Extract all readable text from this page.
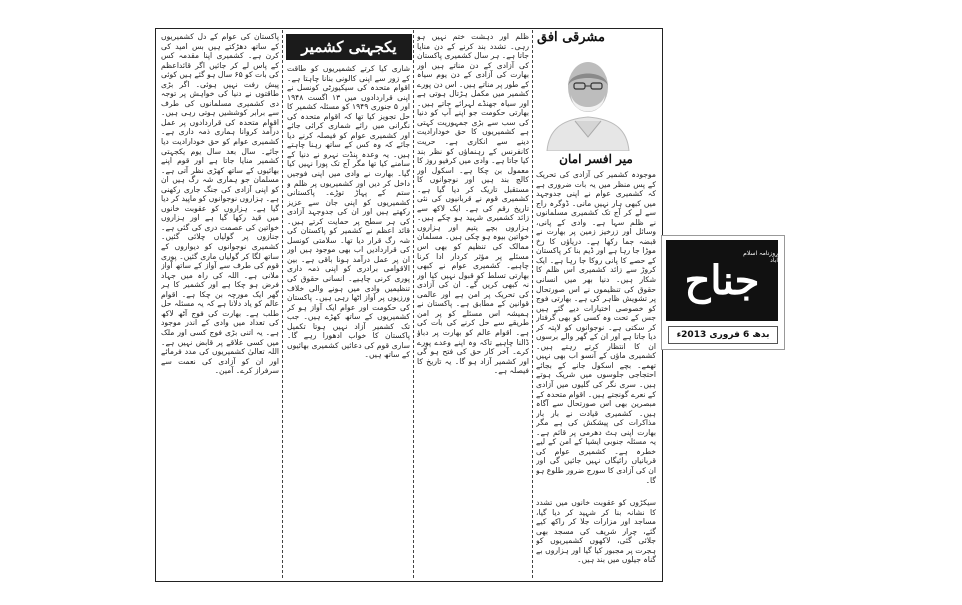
یکجہتی کشمیر

پاکستان کی عوام کے دل کشمیریوں کے ساتھ دھڑکتے ہیں بس امید کی کرن ہے۔ کشمیری اپنا مقدمہ کس کے پاس لے کر جائیں اگر قائداعظم کی بات کو ۶۵ سال ہو گئے ہیں کوئی پیش رفت نہیں ہوئی۔ اگر بڑی طاقتوں نے دنیا کی خواہش پر توجہ دی کشمیری مسلمانوں کی طرف سے برابر کوششیں ہوتی رہی ہیں۔ اقوام متحدہ کی قراردادوں پر عمل درآمد کروانا ہماری ذمہ داری ہے۔ کشمیری عوام کو حق خودارادیت دیا جائے۔ سال بعد سال یوم یکجہتی کشمیر منایا جاتا ہے اور قوم اپنے بھائیوں کے ساتھ کھڑی نظر آتی ہے۔ مسلمان جو ہماری شہ رگ ہیں ان کو اپنی آزادی کی جنگ جاری رکھنی ہے۔ ہزاروں نوجوانوں کو ماپید کر دیا گیا ہے۔ ہزاروں کو عقوبت خانوں میں قید رکھا گیا ہے اور ہزاروں خواتین کی عصمت دری کی گئی ہے۔ جنازوں پر گولیاں چلائی گئیں۔ کشمیری نوجوانوں کو دیواروں کے ساتھ لگا کر گولیاں ماری گئیں۔ پوری قوم کی طرف سے آواز کے ساتھ آواز ملانی ہے۔ اللہ کی راہ میں جہاد فرض ہو چکا ہے اور کشمیر کا ہر گھر ایک مورچہ بن چکا ہے۔ اقوام عالم کو یاد دلانا ہے کہ یہ مسئلہ حل طلب ہے۔ بھارت کی فوج آٹھ لاکھ کی تعداد میں وادی کے اندر موجود ہے۔ یہ اتنی بڑی فوج کسی اور ملک میں کسی علاقے پر قابض نہیں ہے۔ اللہ تعالیٰ کشمیریوں کی مدد فرمائے اور ان کو آزادی کی نعمت سے سرفراز کرے۔ آمین۔

شاری کیا کرتے کشمیریوں کو طاقت کے زور سے اپنی کالونی بنانا چاہتا ہے۔ اقوام متحدہ کی سیکیورٹی کونسل نے اپنی قراردادوں میں ۱۳ اگست ۱۹۴۸ اور ۵ جنوری ۱۹۴۹ کو مسئلہ کشمیر کا حل تجویز کیا تھا کہ اقوام متحدہ کی نگرانی میں رائے شماری کرائی جائے اور کشمیری عوام کو فیصلہ کرنے دیا جائے کہ وہ کس کے ساتھ رہنا چاہتے ہیں۔ یہ وعدہ پنڈت نہرو نے دنیا کے سامنے کیا تھا مگر آج تک پورا نہیں کیا گیا۔ بھارت نے وادی میں اپنی فوجیں داخل کر دیں اور کشمیریوں پر ظلم و ستم کے پہاڑ توڑے۔ پاکستانی کشمیریوں کو اپنی جان سے عزیز رکھتے ہیں اور ان کی جدوجہد آزادی کی ہر سطح پر حمایت کرتے ہیں۔ قائد اعظم نے کشمیر کو پاکستان کی شہ رگ قرار دیا تھا۔ سلامتی کونسل کی قراردادیں اب بھی موجود ہیں اور ان پر عمل درآمد ہونا باقی ہے۔ بین الاقوامی برادری کو اپنی ذمہ داری پوری کرنی چاہیے۔ انسانی حقوق کی تنظیمیں وادی میں ہونے والی خلاف ورزیوں پر آواز اٹھا رہی ہیں۔ پاکستان کی حکومت اور عوام ایک آواز ہو کر کشمیریوں کے ساتھ کھڑے ہیں۔ جب تک کشمیر آزاد نہیں ہوتا تکمیل پاکستان کا خواب ادھورا رہے گا۔ ساری قوم کی دعائیں کشمیری بھائیوں کے ساتھ ہیں۔

ظلم اور دہشت ختم نہیں ہو رہی۔ تشدد بند کرنے کے دن منایا جاتا ہے۔ ہر سال کشمیری پاکستان کی آزادی کے دن مناتے ہیں اور بھارت کی آزادی کے دن یوم سیاہ کے طور پر مناتے ہیں۔ اس دن پورے کشمیر میں مکمل ہڑتال ہوتی ہے اور سیاہ جھنڈے لہرائے جاتے ہیں۔ بھارتی حکومت جو اپنے آپ کو دنیا کی سب سے بڑی جمہوریت کہتی ہے کشمیریوں کا حق خودارادیت دینے سے انکاری ہے۔ حریت کانفرنس کے رہنماؤں کو نظر بند کیا جاتا ہے۔ وادی میں کرفیو روز کا معمول بن چکا ہے۔ اسکول اور کالج بند ہیں اور نوجوانوں کا مستقبل تاریک کر دیا گیا ہے۔ کشمیری قوم نے قربانیوں کی نئی تاریخ رقم کی ہے۔ ایک لاکھ سے زائد کشمیری شہید ہو چکے ہیں۔ ہزاروں بچے یتیم اور ہزاروں خواتین بیوہ ہو چکی ہیں۔ مسلمان ممالک کی تنظیم کو بھی اس مسئلے پر مؤثر کردار ادا کرنا چاہیے۔ کشمیری عوام نے کبھی بھارتی تسلط کو قبول نہیں کیا اور نہ کبھی کریں گے۔ ان کی آزادی کی تحریک پر امن ہے اور عالمی قوانین کے مطابق ہے۔ پاکستان نے ہمیشہ اس مسئلے کو پر امن طریقے سے حل کرنے کی بات کی ہے۔ اقوام عالم کو بھارت پر دباؤ ڈالنا چاہیے تاکہ وہ اپنے وعدے پورے کرے۔ آخر کار حق کی فتح ہو گی اور کشمیر آزاد ہو گا۔ یہ تاریخ کا فیصلہ ہے۔

مشرقی افق
میر افسر امان

موجودہ کشمیر کی آزادی کی تحریک کے پس منظر میں یہ بات ضروری ہے کہ کشمیری عوام نے اپنی جدوجہد میں کبھی ہار نہیں مانی۔ ڈوگرہ راج سے لے کر آج تک کشمیری مسلمانوں نے ظلم سہا ہے۔ وادی کے پانی، وسائل اور زرخیز زمین پر بھارت نے قبضہ جما رکھا ہے۔ دریاؤں کا رخ موڑا جا رہا ہے اور ڈیم بنا کر پاکستان کے حصے کا پانی روکا جا رہا ہے۔ ایک کروڑ سے زائد کشمیری اس ظلم کا شکار ہیں۔ دنیا بھر میں انسانی حقوق کی تنظیموں نے اس صورتحال پر تشویش ظاہر کی ہے۔ بھارتی فوج کو خصوصی اختیارات دیے گئے ہیں جس کے تحت وہ کسی کو بھی گرفتار کر سکتی ہے۔ نوجوانوں کو لاپتہ کر دیا جاتا ہے اور ان کے گھر والے برسوں ان کا انتظار کرتے رہتے ہیں۔ کشمیری ماؤں کے آنسو اب بھی نہیں تھمے۔ بچے اسکول جانے کے بجائے احتجاجی جلوسوں میں شریک ہوتے ہیں۔ سری نگر کی گلیوں میں آزادی کے نعرے گونجتے ہیں۔ اقوام متحدہ کے مبصرین بھی اس صورتحال سے آگاہ ہیں۔ کشمیری قیادت نے بار بار مذاکرات کی پیشکش کی ہے مگر بھارت اپنی ہٹ دھرمی پر قائم ہے۔ یہ مسئلہ جنوبی ایشیا کے امن کے لیے خطرہ ہے۔ کشمیری عوام کی قربانیاں رائیگاں نہیں جائیں گی اور ان کی آزادی کا سورج ضرور طلوع ہو گا۔

سیکڑوں کو عقوبت خانوں میں تشدد کا نشانہ بنا کر شہید کر دیا گیا، مساجد اور مزارات جلا کر راکھ کیے گئے، چرار شریف کی مسجد بھی جلائی گئی، لاکھوں کشمیریوں کو ہجرت پر مجبور کیا گیا اور ہزاروں بے گناہ جیلوں میں بند ہیں۔

جناح
روزنامہ اسلام آباد
بدھ 6 فروری 2013ء
